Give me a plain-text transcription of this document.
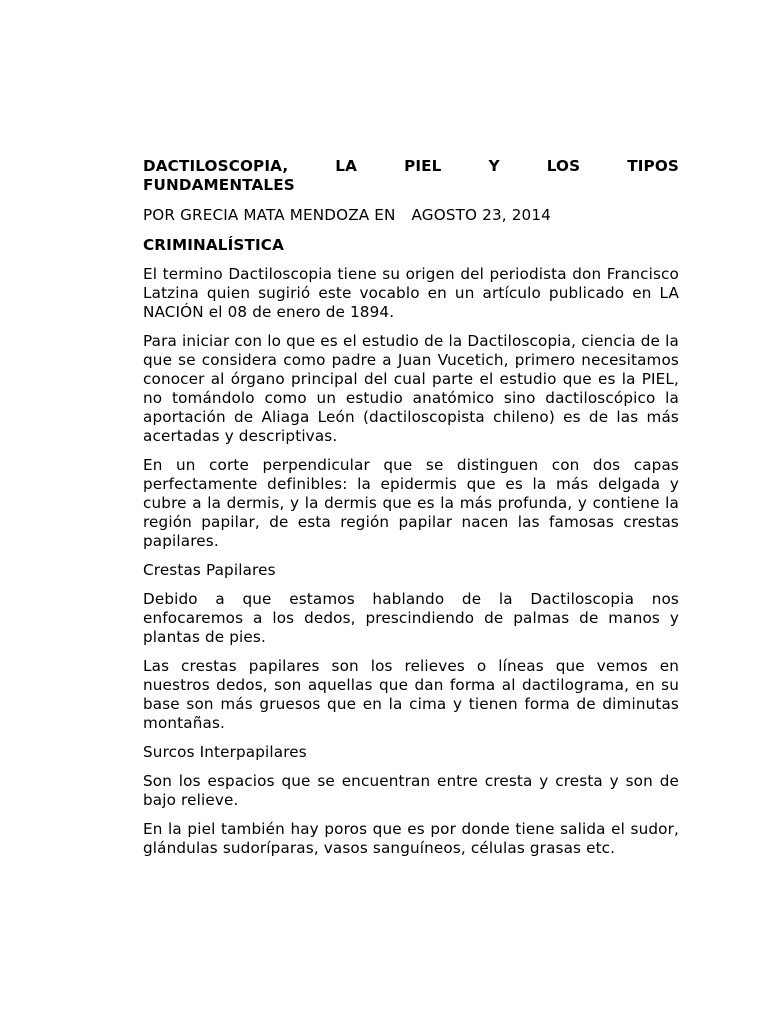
DACTILOSCOPIA,	LA	PIEL	Y	LOS	TIPOS
FUNDAMENTALES

POR GRECIA MATA MENDOZA EN AGOSTO 23, 2014

CRIMINALÍSTICA

El termino Dactiloscopia tiene su origen del periodista don Francisco Latzina quien sugirió este vocablo en un artículo publicado en LA NACIÓN el 08 de enero de 1894.

Para iniciar con lo que es el estudio de la Dactiloscopia, ciencia de la que se considera como padre a Juan Vucetich, primero necesitamos conocer al órgano principal del cual parte el estudio que es la PIEL, no tomándolo como un estudio anatómico sino dactiloscópico la aportación de Aliaga León (dactiloscopista chileno) es de las más acertadas y descriptivas.

En un corte perpendicular que se distinguen con dos capas perfectamente definibles: la epidermis que es la más delgada y cubre a la dermis, y la dermis que es la más profunda, y contiene la región papilar, de esta región papilar nacen las famosas crestas papilares.

Crestas Papilares

Debido a que estamos hablando de la Dactiloscopia nos enfocaremos a los dedos, prescindiendo de palmas de manos y plantas de pies.

Las crestas papilares son los relieves o líneas que vemos en nuestros dedos, son aquellas que dan forma al dactilograma, en su base son más gruesos que en la cima y tienen forma de diminutas montañas.

Surcos Interpapilares

Son los espacios que se encuentran entre cresta y cresta y son de bajo relieve.

En la piel también hay poros que es por donde tiene salida el sudor, glándulas sudoríparas, vasos sanguíneos, células grasas etc.
